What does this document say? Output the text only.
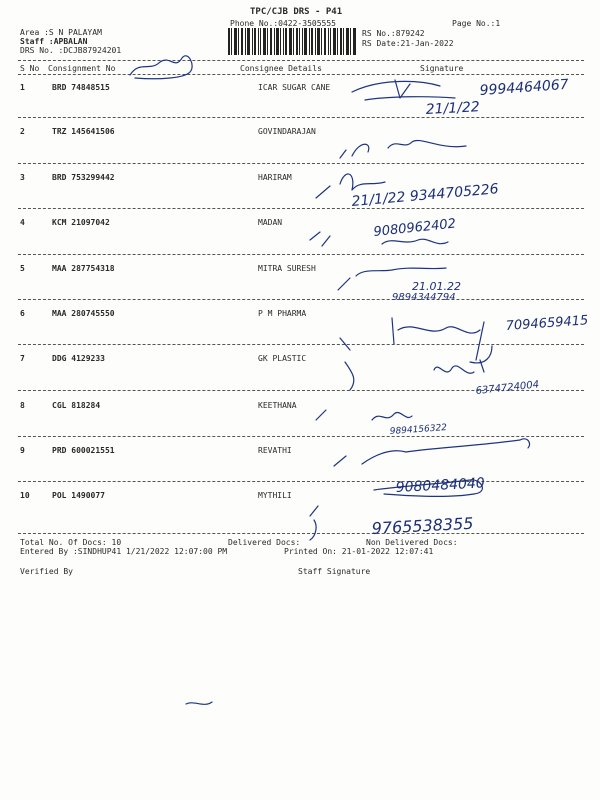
TPC/CJB DRS - P41
Phone No.:0422-3505555	Page No.:1
Area :S N PALAYAM
Staff :APBALAN
DRS No. :DCJB87924201
RS No.:879242
RS Date:21-Jan-2022
S No Consignment No	Consignee Details	Signature
1	BRD 74848515	ICAR SUGAR CANE
2	TRZ 145641506	GOVINDARAJAN
3	BRD 753299442	HARIRAM
4	KCM 21097042	MADAN
5	MAA 287754318	MITRA SURESH
6	MAA 280745550	P M PHARMA
7	DDG 4129233	GK PLASTIC
8	CGL 818284	KEETHANA
9	PRD 600021551	REVATHI
10	POL 1490077	MYTHILI
Total No. Of Docs: 10	Delivered Docs:	Non Delivered Docs:
Entered By :SINDHUP41 1/21/2022 12:07:00 PM	Printed On: 21-01-2022 12:07:41
Verified By	Staff Signature
9994464067
21/1/22
21/1/22 9344705226
9080962402
21.01.22
9894344794
7094659415
6374724004
9894156322
9080484040
9765538355
